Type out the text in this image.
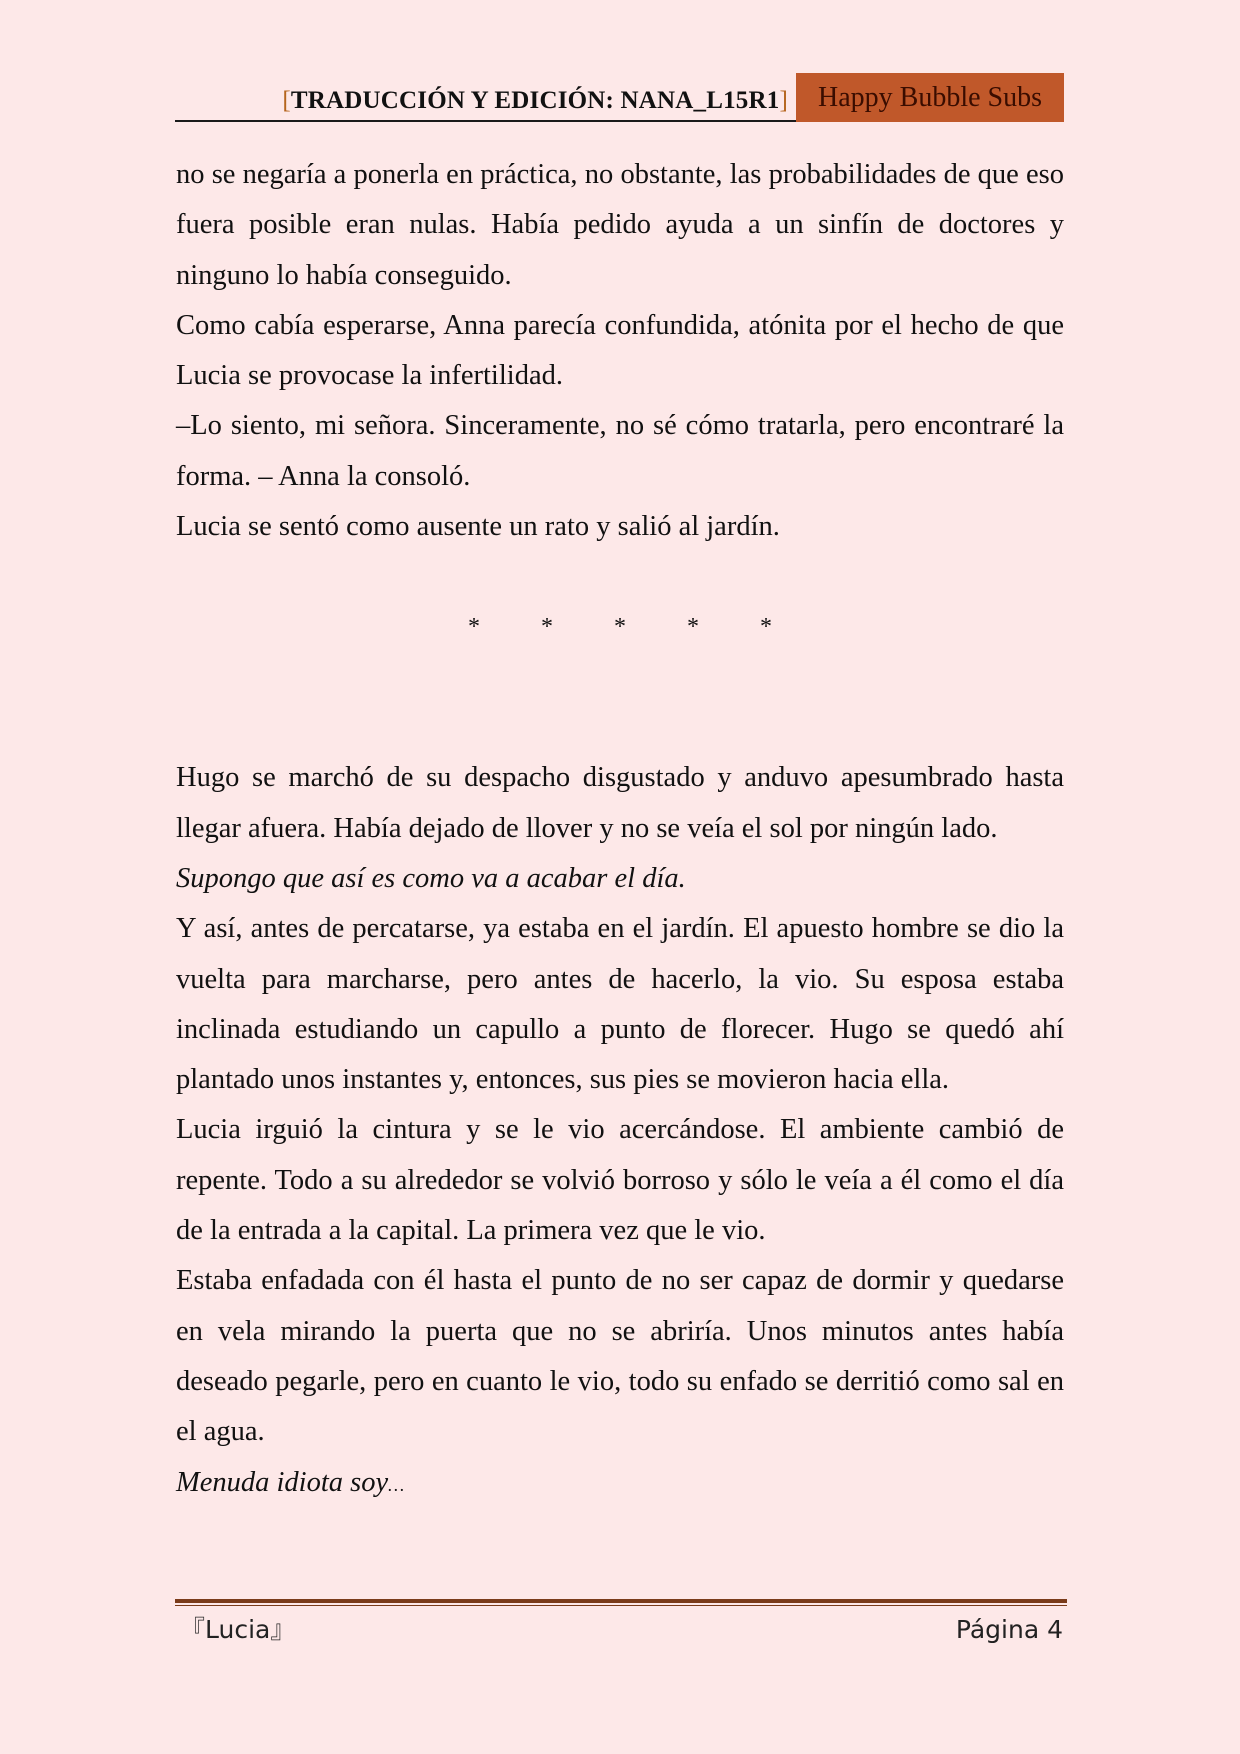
[TRADUCCIÓN Y EDICIÓN: NANA_L15R1]	Happy Bubble Subs

no se negaría a ponerla en práctica, no obstante, las probabilidades de que eso fuera posible eran nulas. Había pedido ayuda a un sinfín de doctores y ninguno lo había conseguido.

Como cabía esperarse, Anna parecía confundida, atónita por el hecho de que Lucia se provocase la infertilidad.

–Lo siento, mi señora. Sinceramente, no sé cómo tratarla, pero encontraré la forma. – Anna la consoló.

Lucia se sentó como ausente un rato y salió al jardín.

*	*	*	*	*

Hugo se marchó de su despacho disgustado y anduvo apesumbrado hasta llegar afuera. Había dejado de llover y no se veía el sol por ningún lado.

Supongo que así es como va a acabar el día.

Y así, antes de percatarse, ya estaba en el jardín. El apuesto hombre se dio la vuelta para marcharse, pero antes de hacerlo, la vio. Su esposa estaba inclinada estudiando un capullo a punto de florecer. Hugo se quedó ahí plantado unos instantes y, entonces, sus pies se movieron hacia ella.

Lucia irguió la cintura y se le vio acercándose. El ambiente cambió de repente. Todo a su alrededor se volvió borroso y sólo le veía a él como el día de la entrada a la capital. La primera vez que le vio.

Estaba enfadada con él hasta el punto de no ser capaz de dormir y quedarse en vela mirando la puerta que no se abriría. Unos minutos antes había deseado pegarle, pero en cuanto le vio, todo su enfado se derritió como sal en el agua.

Menuda idiota soy…

『Lucia』	Página 4
